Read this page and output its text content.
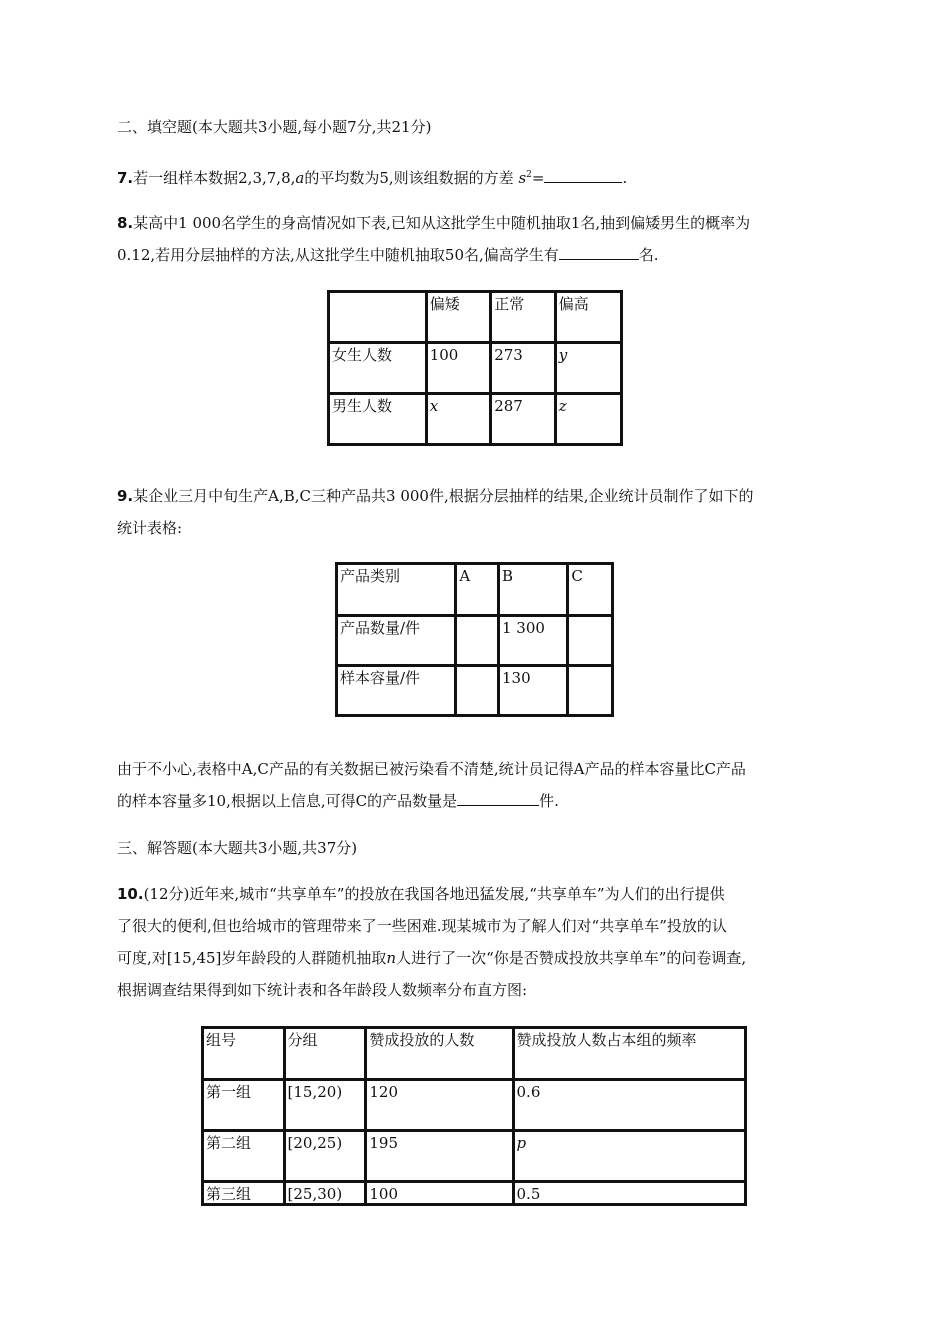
二、填空题(本大题共3小题,每小题7分,共21分)
7.若一组样本数据2,3,7,8,a的平均数为5,则该组数据的方差 $s^2=$	.
8.某高中1 000名学生的身高情况如下表,已知从这批学生中随机抽取1名,抽到偏矮男生的概率为
0.12,若用分层抽样的方法,从这批学生中随机抽取50名,偏高学生有	名.
	偏矮	正常	偏高
女生人数	100	273	y
男生人数	x	287	z
9.某企业三月中旬生产A,B,C三种产品共3 000件,根据分层抽样的结果,企业统计员制作了如下的
统计表格:
产品类别	A	B	C
产品数量/件		1 300	
样本容量/件		130	
由于不小心,表格中A,C产品的有关数据已被污染看不清楚,统计员记得A产品的样本容量比C产品
的样本容量多10,根据以上信息,可得C的产品数量是	件.
三、解答题(本大题共3小题,共37分)
10.(12分)近年来,城市“共享单车”的投放在我国各地迅猛发展,“共享单车”为人们的出行提供
了很大的便利,但也给城市的管理带来了一些困难.现某城市为了解人们对“共享单车”投放的认
可度,对[15,45]岁年龄段的人群随机抽取n人进行了一次“你是否赞成投放共享单车”的问卷调查,
根据调查结果得到如下统计表和各年龄段人数频率分布直方图:
组号	分组	赞成投放的人数	赞成投放人数占本组的频率
第一组	[15,20)	120	0.6
第二组	[20,25)	195	p
第三组	[25,30)	100	0.5
